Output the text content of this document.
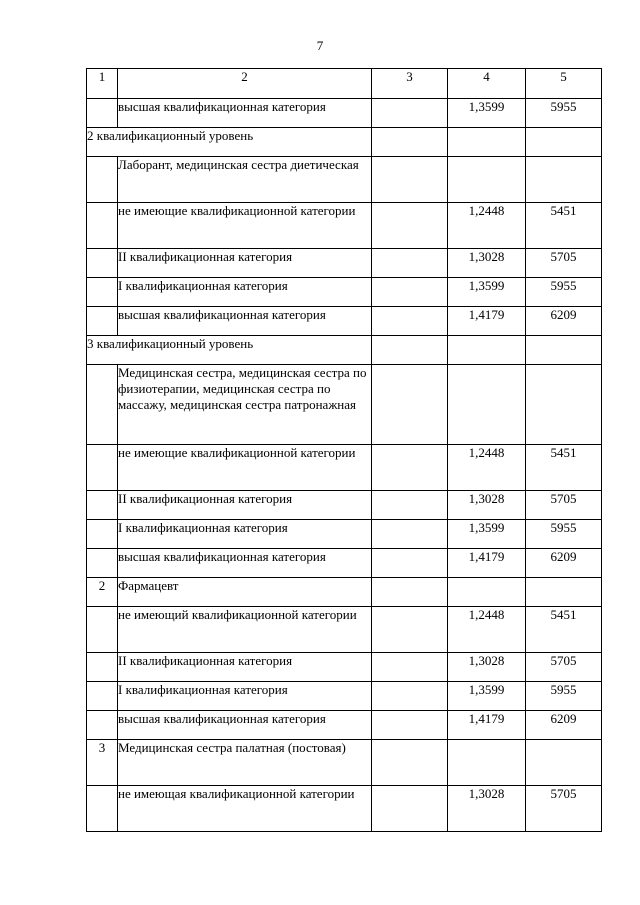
7
1	2	3	4	5
	высшая квалификационная категория		1,3599	5955
2 квалификационный уровень				
	Лаборант, медицинская сестра диетическая			
	не имеющие квалификационной категории		1,2448	5451
	II квалификационная категория		1,3028	5705
	I квалификационная категория		1,3599	5955
	высшая квалификационная категория		1,4179	6209
3 квалификационный уровень				
	Медицинская сестра, медицинская сестра по физиотерапии, медицинская сестра по массажу, медицинская сестра патронажная			
	не имеющие квалификационной категории		1,2448	5451
	II квалификационная категория		1,3028	5705
	I квалификационная категория		1,3599	5955
	высшая квалификационная категория		1,4179	6209
2	Фармацевт			
	не имеющий квалификационной категории		1,2448	5451
	II квалификационная категория		1,3028	5705
	I квалификационная категория		1,3599	5955
	высшая квалификационная категория		1,4179	6209
3	Медицинская сестра палатная (постовая)			
	не имеющая квалификационной категории		1,3028	5705
